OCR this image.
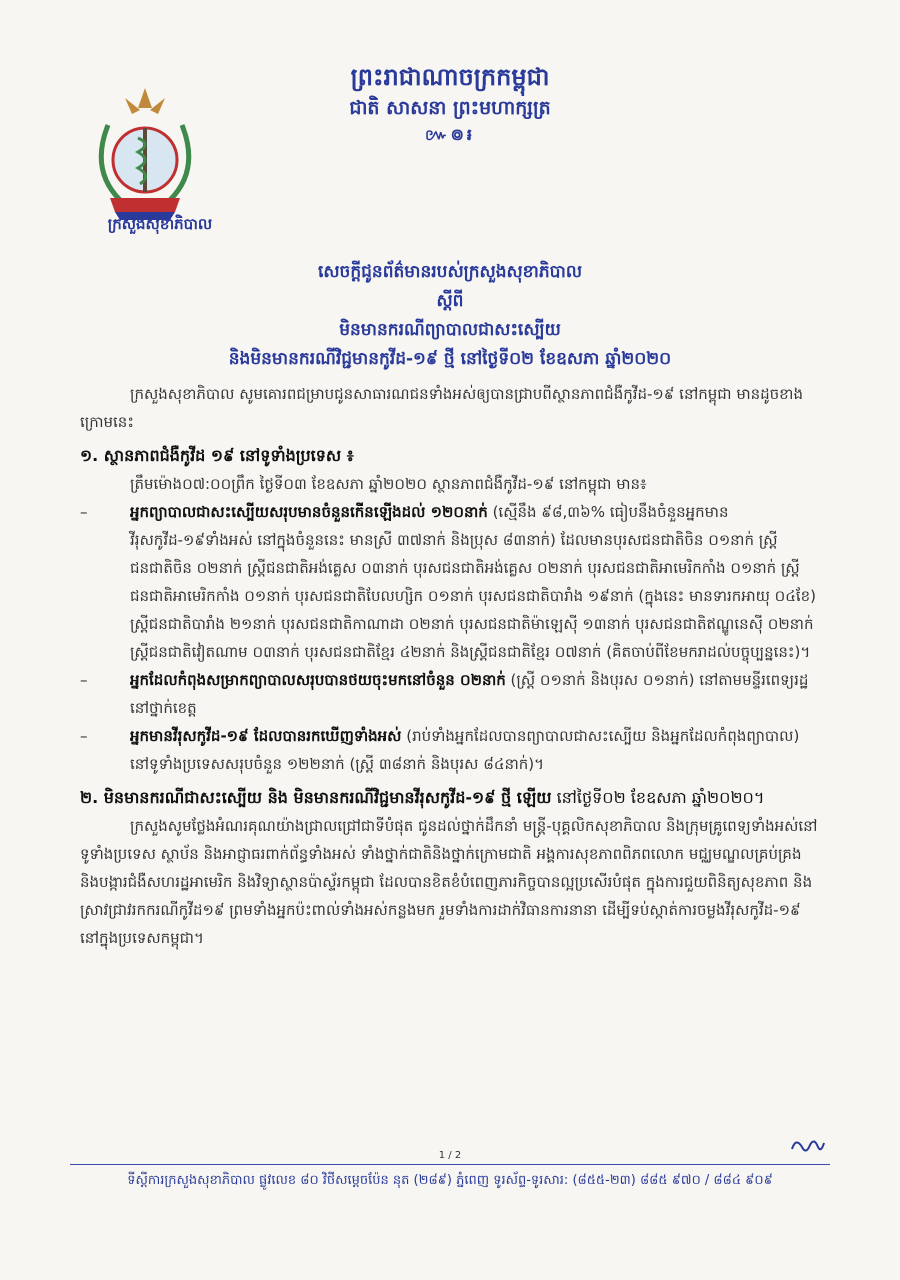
ក្រសួងសុខាភិបាល
ព្រះរាជាណាចក្រកម្ពុជា
ជាតិ សាសនា ព្រះមហាក្សត្រ
៚៙៛
សេចក្តីជូនព័ត៌មានរបស់ក្រសួងសុខាភិបាល
ស្តីពី
មិនមានករណីព្យាបាលជាសះស្បើយ
និងមិនមានករណីវិជ្ជមានកូវីដ-១៩ ថ្មី នៅថ្ងៃទី០២ ខែឧសភា ឆ្នាំ២០២០

ក្រសួងសុខាភិបាល សូមគោរពជម្រាបជូនសាធារណជនទាំងអស់ឲ្យបានជ្រាបពីស្ថានភាពជំងឺកូវីដ-១៩ នៅកម្ពុជា មានដូចខាងក្រោមនេះ

១. ស្ថានភាពជំងឺកូវីដ ១៩ នៅទូទាំងប្រទេស ៖

ត្រឹមម៉ោង០៧:០០ព្រឹក ថ្ងៃទី០៣ ខែឧសភា ឆ្នាំ២០២០ ស្ថានភាពជំងឺកូវីដ-១៩ នៅកម្ពុជា មាន៖

–	អ្នកព្យាបាលជាសះស្បើយសរុបមានចំនួនកើនឡើងដល់ ១២០នាក់ (ស្មើនឹង ៩៨,៣៦% ធៀបនឹងចំនួនអ្នកមានវីរុសកូវីដ-១៩ទាំងអស់ នៅក្នុងចំនួននេះ មានស្រី ៣៧នាក់ និងប្រុស ៨៣នាក់) ដែលមានបុរសជនជាតិចិន ០១នាក់ ស្ត្រីជនជាតិចិន ០២នាក់ ស្ត្រីជនជាតិអង់គ្លេស ០៣នាក់ បុរសជនជាតិអង់គ្លេស ០២នាក់ បុរសជនជាតិអាមេរិកកាំង ០១នាក់ ស្ត្រីជនជាតិអាមេរិកកាំង ០១នាក់ បុរសជនជាតិបែលហ្សិក ០១នាក់ បុរសជនជាតិបារាំង ១៩នាក់ (ក្នុងនេះ មានទារកអាយុ ០៤ខែ) ស្ត្រីជនជាតិបារាំង ២១នាក់ បុរសជនជាតិកាណាដា ០២នាក់ បុរសជនជាតិម៉ាឡេស៊ី ១៣នាក់ បុរសជនជាតិឥណ្ឌូនេស៊ី ០២នាក់ ស្ត្រីជនជាតិវៀតណាម ០៣នាក់ បុរសជនជាតិខ្មែរ ៤២នាក់ និងស្ត្រីជនជាតិខ្មែរ ០៧នាក់ (គិតចាប់ពីខែមករាដល់បច្ចុប្បន្ននេះ)។
–	អ្នកដែលកំពុងសម្រាកព្យាបាលសរុបបានថយចុះមកនៅចំនួន ០២នាក់ (ស្ត្រី ០១នាក់ និងបុរស ០១នាក់) នៅតាមមន្ទីរពេទ្យរដ្ឋនៅថ្នាក់ខេត្ត
–	អ្នកមានវីរុសកូវីដ-១៩ ដែលបានរកឃើញទាំងអស់ (រាប់ទាំងអ្នកដែលបានព្យាបាលជាសះស្បើយ និងអ្នកដែលកំពុងព្យាបាល) នៅទូទាំងប្រទេសសរុបចំនួន ១២២នាក់ (ស្ត្រី ៣៨នាក់ និងបុរស ៨៤នាក់)។

២. មិនមានករណីជាសះស្បើយ និង មិនមានករណីវិជ្ជមានវីរុសកូវីដ-១៩ ថ្មី ឡើយ នៅថ្ងៃទី០២ ខែឧសភា ឆ្នាំ២០២០។

ក្រសួងសូមថ្លែងអំណរគុណយ៉ាងជ្រាលជ្រៅជាទីបំផុត ជូនដល់ថ្នាក់ដឹកនាំ មន្ត្រី-បុគ្គលិកសុខាភិបាល និងក្រុមគ្រូពេទ្យទាំងអស់នៅទូទាំងប្រទេស ស្ថាប័ន និងអាជ្ញាធរពាក់ព័ន្ធទាំងអស់ ទាំងថ្នាក់ជាតិនិងថ្នាក់ក្រោមជាតិ អង្គការសុខភាពពិភពលោក មជ្ឈមណ្ឌលគ្រប់គ្រងនិងបង្ការជំងឺសហរដ្ឋអាមេរិក និងវិទ្យាស្ថានប៉ាស្ទ័រកម្ពុជា ដែលបានខិតខំបំពេញភារកិច្ចបានល្អប្រសើរបំផុត ក្នុងការជួយពិនិត្យសុខភាព និងស្រាវជ្រាវរកករណីកូវីដ១៩ ព្រមទាំងអ្នកប៉ះពាល់ទាំងអស់កន្លងមក រួមទាំងការដាក់វិធានការនានា ដើម្បីទប់ស្កាត់ការចម្លងវីរុសកូវីដ-១៩ នៅក្នុងប្រទេសកម្ពុជា។

1 / 2
ទីស្តីការក្រសួងសុខាភិបាល ផ្លូវលេខ ៨០ វិថីសម្តេចប៉ែន នុត (២៨៩) ភ្នំពេញ ទូរស័ព្ទ-ទូរសារ: (៨៥៥-២៣) ៨៨៥ ៩៧០ / ៨៨៤ ៩០៩
